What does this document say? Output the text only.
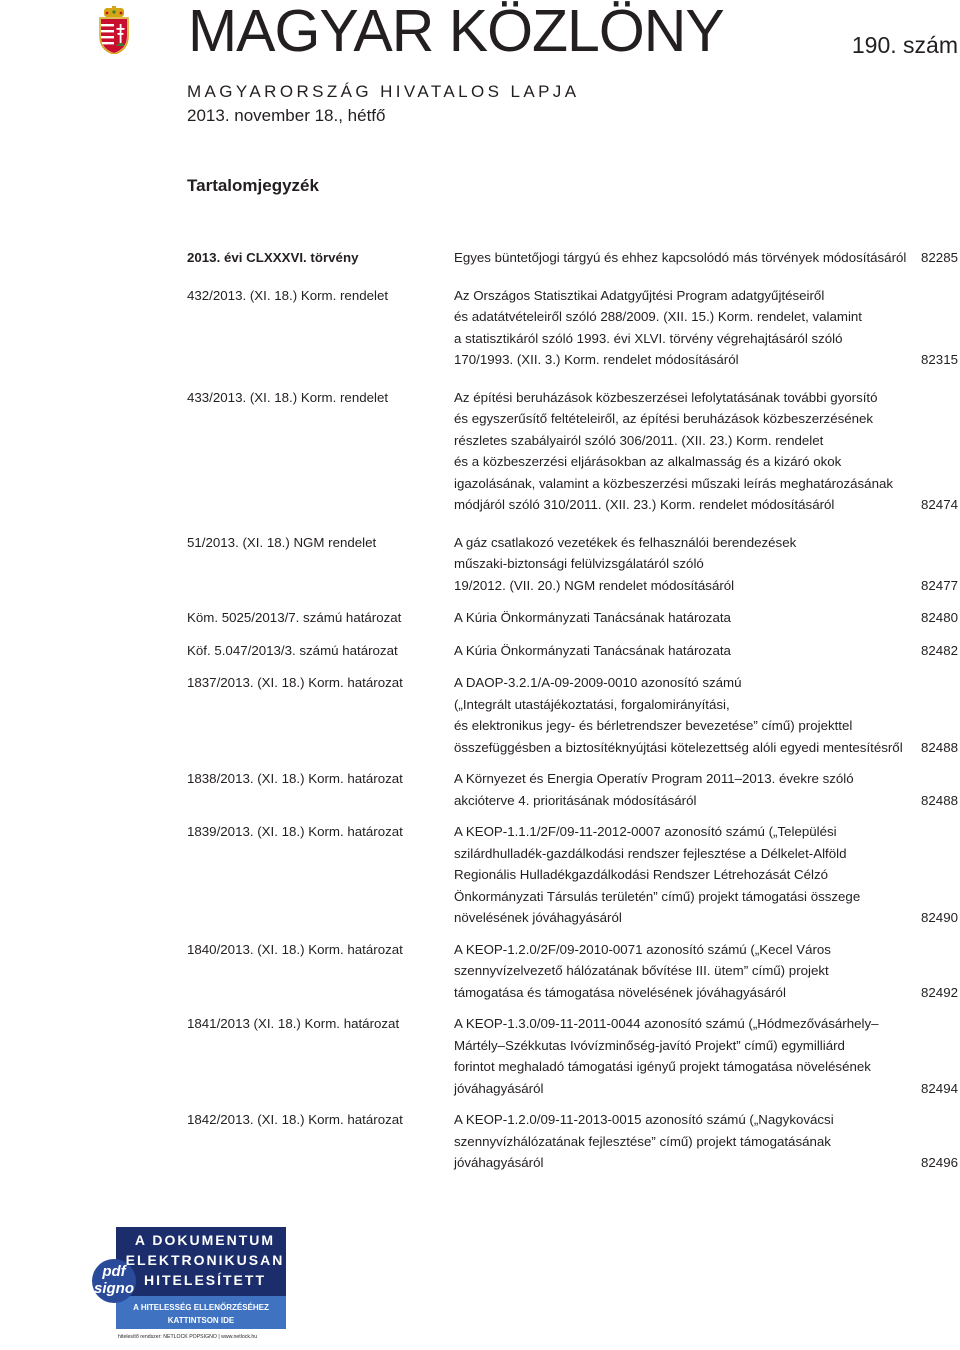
MAGYAR KÖZLÖNY	190. szám
MAGYARORSZÁG HIVATALOS LAPJA
2013. november 18., hétfő
Tartalomjegyzék
2013. évi CLXXXVI. törvény	Egyes büntetőjogi tárgyú és ehhez kapcsolódó más törvények módosításáról	82285
432/2013. (XI. 18.) Korm. rendelet	Az Országos Statisztikai Adatgyűjtési Program adatgyűjtéseiről
és adatátvételeiről szóló 288/2009. (XII. 15.) Korm. rendelet, valamint
a statisztikáról szóló 1993. évi XLVI. törvény végrehajtásáról szóló
170/1993. (XII. 3.) Korm. rendelet módosításáról	82315
433/2013. (XI. 18.) Korm. rendelet	Az építési beruházások közbeszerzései lefolytatásának további gyorsító
és egyszerűsítő feltételeiről, az építési beruházások közbeszerzésének
részletes szabályairól szóló 306/2011. (XII. 23.) Korm. rendelet
és a közbeszerzési eljárásokban az alkalmasság és a kizáró okok
igazolásának, valamint a közbeszerzési műszaki leírás meghatározásának
módjáról szóló 310/2011. (XII. 23.) Korm. rendelet módosításáról	82474
51/2013. (XI. 18.) NGM rendelet	A gáz csatlakozó vezetékek és felhasználói berendezések
műszaki-biztonsági felülvizsgálatáról szóló
19/2012. (VII. 20.) NGM rendelet módosításáról	82477
Köm. 5025/2013/7. számú határozat	A Kúria Önkormányzati Tanácsának határozata	82480
Köf. 5.047/2013/3. számú határozat	A Kúria Önkormányzati Tanácsának határozata	82482
1837/2013. (XI. 18.) Korm. határozat	A DAOP-3.2.1/A-09-2009-0010 azonosító számú
(„Integrált utastájékoztatási, forgalomirányítási,
és elektronikus jegy- és bérletrendszer bevezetése” című) projekttel
összefüggésben a biztosítéknyújtási kötelezettség alóli egyedi mentesítésről	82488
1838/2013. (XI. 18.) Korm. határozat	A Környezet és Energia Operatív Program 2011–2013. évekre szóló
akcióterve 4. prioritásának módosításáról	82488
1839/2013. (XI. 18.) Korm. határozat	A KEOP-1.1.1/2F/09-11-2012-0007 azonosító számú („Települési
szilárdhulladék-gazdálkodási rendszer fejlesztése a Délkelet-Alföld
Regionális Hulladékgazdálkodási Rendszer Létrehozását Célzó
Önkormányzati Társulás területén” című) projekt támogatási összege
növelésének jóváhagyásáról	82490
1840/2013. (XI. 18.) Korm. határozat	A KEOP-1.2.0/2F/09-2010-0071 azonosító számú („Kecel Város
szennyvízelvezető hálózatának bővítése III. ütem” című) projekt
támogatása és támogatása növelésének jóváhagyásáról	82492
1841/2013 (XI. 18.) Korm. határozat	A KEOP-1.3.0/09-11-2011-0044 azonosító számú („Hódmezővásárhely–
Mártély–Székkutas Ivóvízminőség-javító Projekt” című) egymilliárd
forintot meghaladó támogatási igényű projekt támogatása növelésének
jóváhagyásáról	82494
1842/2013. (XI. 18.) Korm. határozat	A KEOP-1.2.0/09-11-2013-0015 azonosító számú („Nagykovácsi
szennyvízhálózatának fejlesztése” című) projekt támogatásának
jóváhagyásáról	82496
pdf
signo
A DOKUMENTUM
ELEKTRONIKUSAN
HITELESÍTETT
A HITELESSÉG ELLENŐRZÉSÉHEZ
KATTINTSON IDE
hitelesítő rendszer: NETLOCK POPSIGNO | www.netlock.hu
